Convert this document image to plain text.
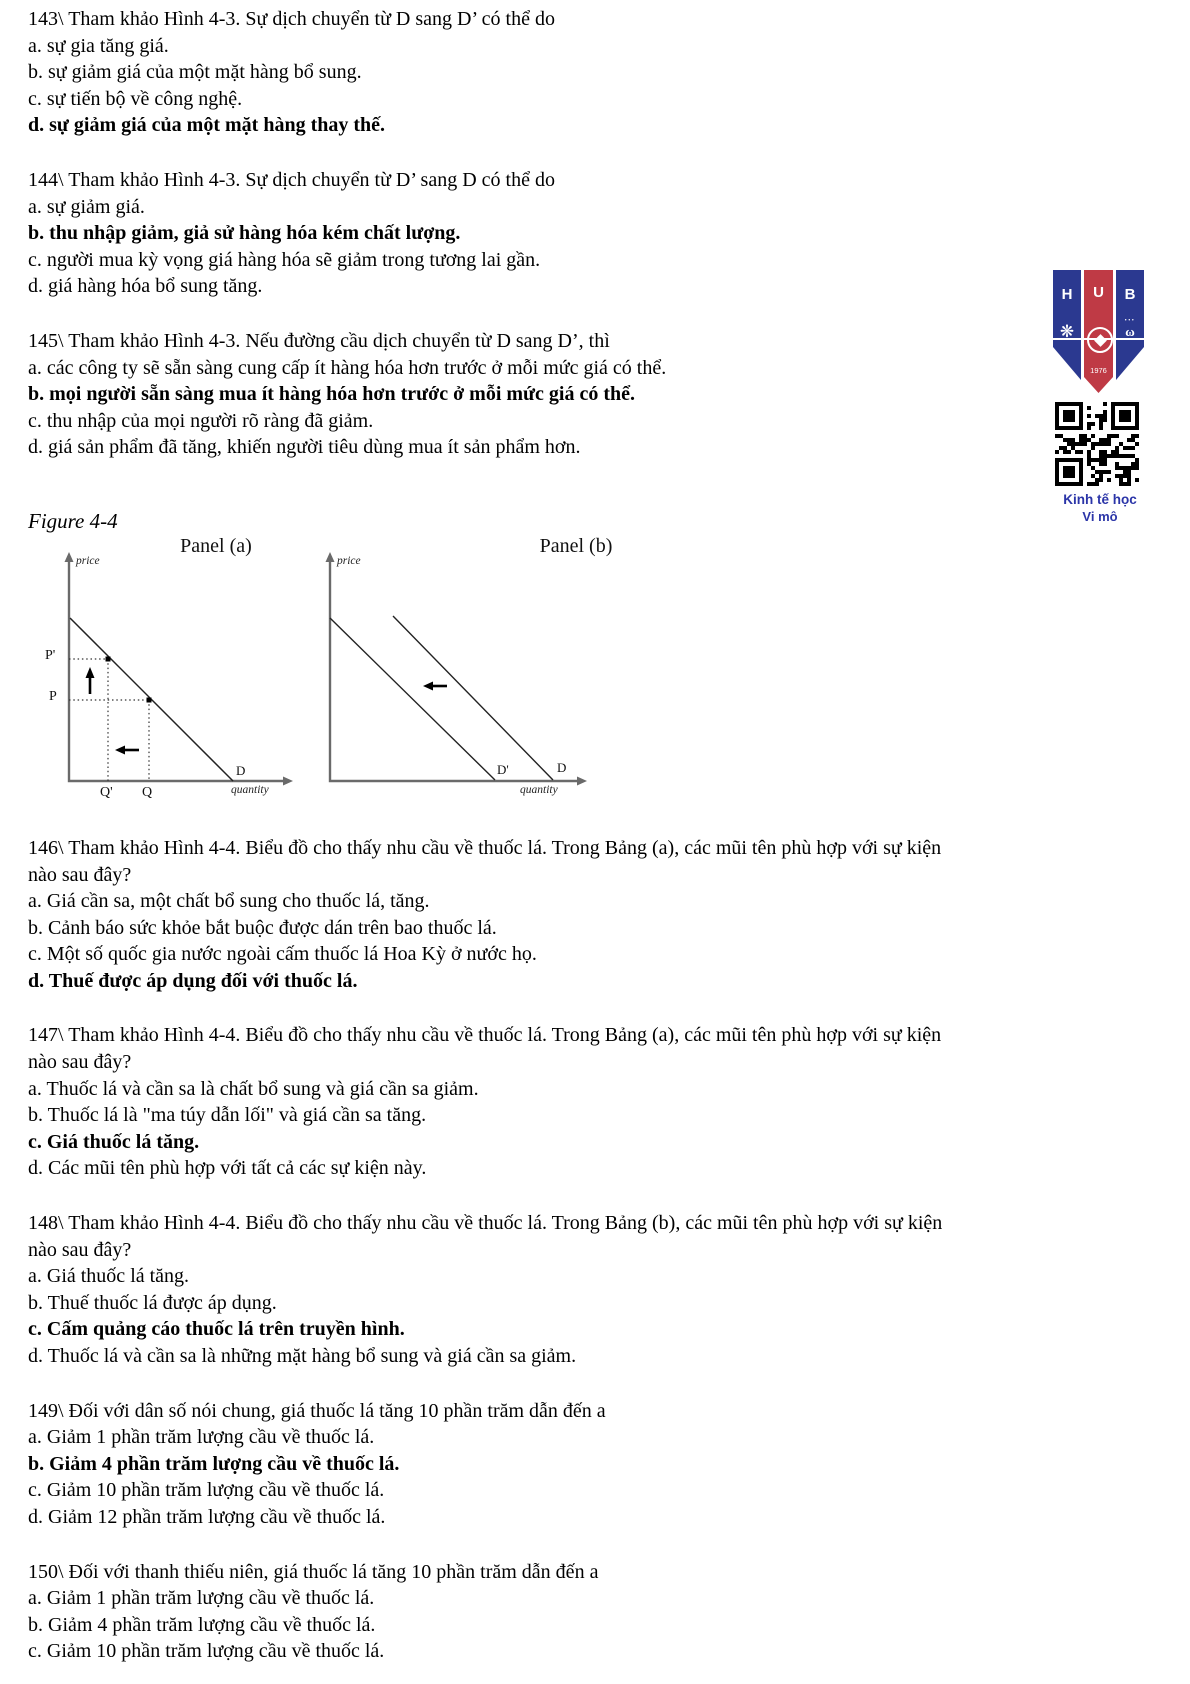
143\ Tham khảo Hình 4-3. Sự dịch chuyển từ D sang D’ có thể do
a. sự gia tăng giá.
b. sự giảm giá của một mặt hàng bổ sung.
c. sự tiến bộ về công nghệ.
d. sự giảm giá của một mặt hàng thay thế.
144\ Tham khảo Hình 4-3. Sự dịch chuyển từ D’ sang D có thể do
a. sự giảm giá.
b. thu nhập giảm, giả sử hàng hóa kém chất lượng.
c. người mua kỳ vọng giá hàng hóa sẽ giảm trong tương lai gần.
d. giá hàng hóa bổ sung tăng.
145\ Tham khảo Hình 4-3. Nếu đường cầu dịch chuyển từ D sang D’, thì
a. các công ty sẽ sẵn sàng cung cấp ít hàng hóa hơn trước ở mỗi mức giá có thể.
b. mọi người sẵn sàng mua ít hàng hóa hơn trước ở mỗi mức giá có thể.
c. thu nhập của mọi người rõ ràng đã giảm.
d. giá sản phẩm đã tăng, khiến người tiêu dùng mua ít sản phẩm hơn.
Figure 4-4
Panel (a)	Panel (b)
price
quantity
price
quantity
P'
P
Q' Q
D	D'	D
146\ Tham khảo Hình 4-4. Biểu đồ cho thấy nhu cầu về thuốc lá. Trong Bảng (a), các mũi tên phù hợp với sự kiện
nào sau đây?
a. Giá cần sa, một chất bổ sung cho thuốc lá, tăng.
b. Cảnh báo sức khỏe bắt buộc được dán trên bao thuốc lá.
c. Một số quốc gia nước ngoài cấm thuốc lá Hoa Kỳ ở nước họ.
d. Thuế được áp dụng đối với thuốc lá.
147\ Tham khảo Hình 4-4. Biểu đồ cho thấy nhu cầu về thuốc lá. Trong Bảng (a), các mũi tên phù hợp với sự kiện
nào sau đây?
a. Thuốc lá và cần sa là chất bổ sung và giá cần sa giảm.
b. Thuốc lá là "ma túy dẫn lối" và giá cần sa tăng.
c. Giá thuốc lá tăng.
d. Các mũi tên phù hợp với tất cả các sự kiện này.
148\ Tham khảo Hình 4-4. Biểu đồ cho thấy nhu cầu về thuốc lá. Trong Bảng (b), các mũi tên phù hợp với sự kiện
nào sau đây?
a. Giá thuốc lá tăng.
b. Thuế thuốc lá được áp dụng.
c. Cấm quảng cáo thuốc lá trên truyền hình.
d. Thuốc lá và cần sa là những mặt hàng bổ sung và giá cần sa giảm.
149\ Đối với dân số nói chung, giá thuốc lá tăng 10 phần trăm dẫn đến a
a. Giảm 1 phần trăm lượng cầu về thuốc lá.
b. Giảm 4 phần trăm lượng cầu về thuốc lá.
c. Giảm 10 phần trăm lượng cầu về thuốc lá.
d. Giảm 12 phần trăm lượng cầu về thuốc lá.
150\ Đối với thanh thiếu niên, giá thuốc lá tăng 10 phần trăm dẫn đến a
a. Giảm 1 phần trăm lượng cầu về thuốc lá.
b. Giảm 4 phần trăm lượng cầu về thuốc lá.
c. Giảm 10 phần trăm lượng cầu về thuốc lá.
H	U	B
❋
•••
ω
1976
Kinh tế học
Vi mô
